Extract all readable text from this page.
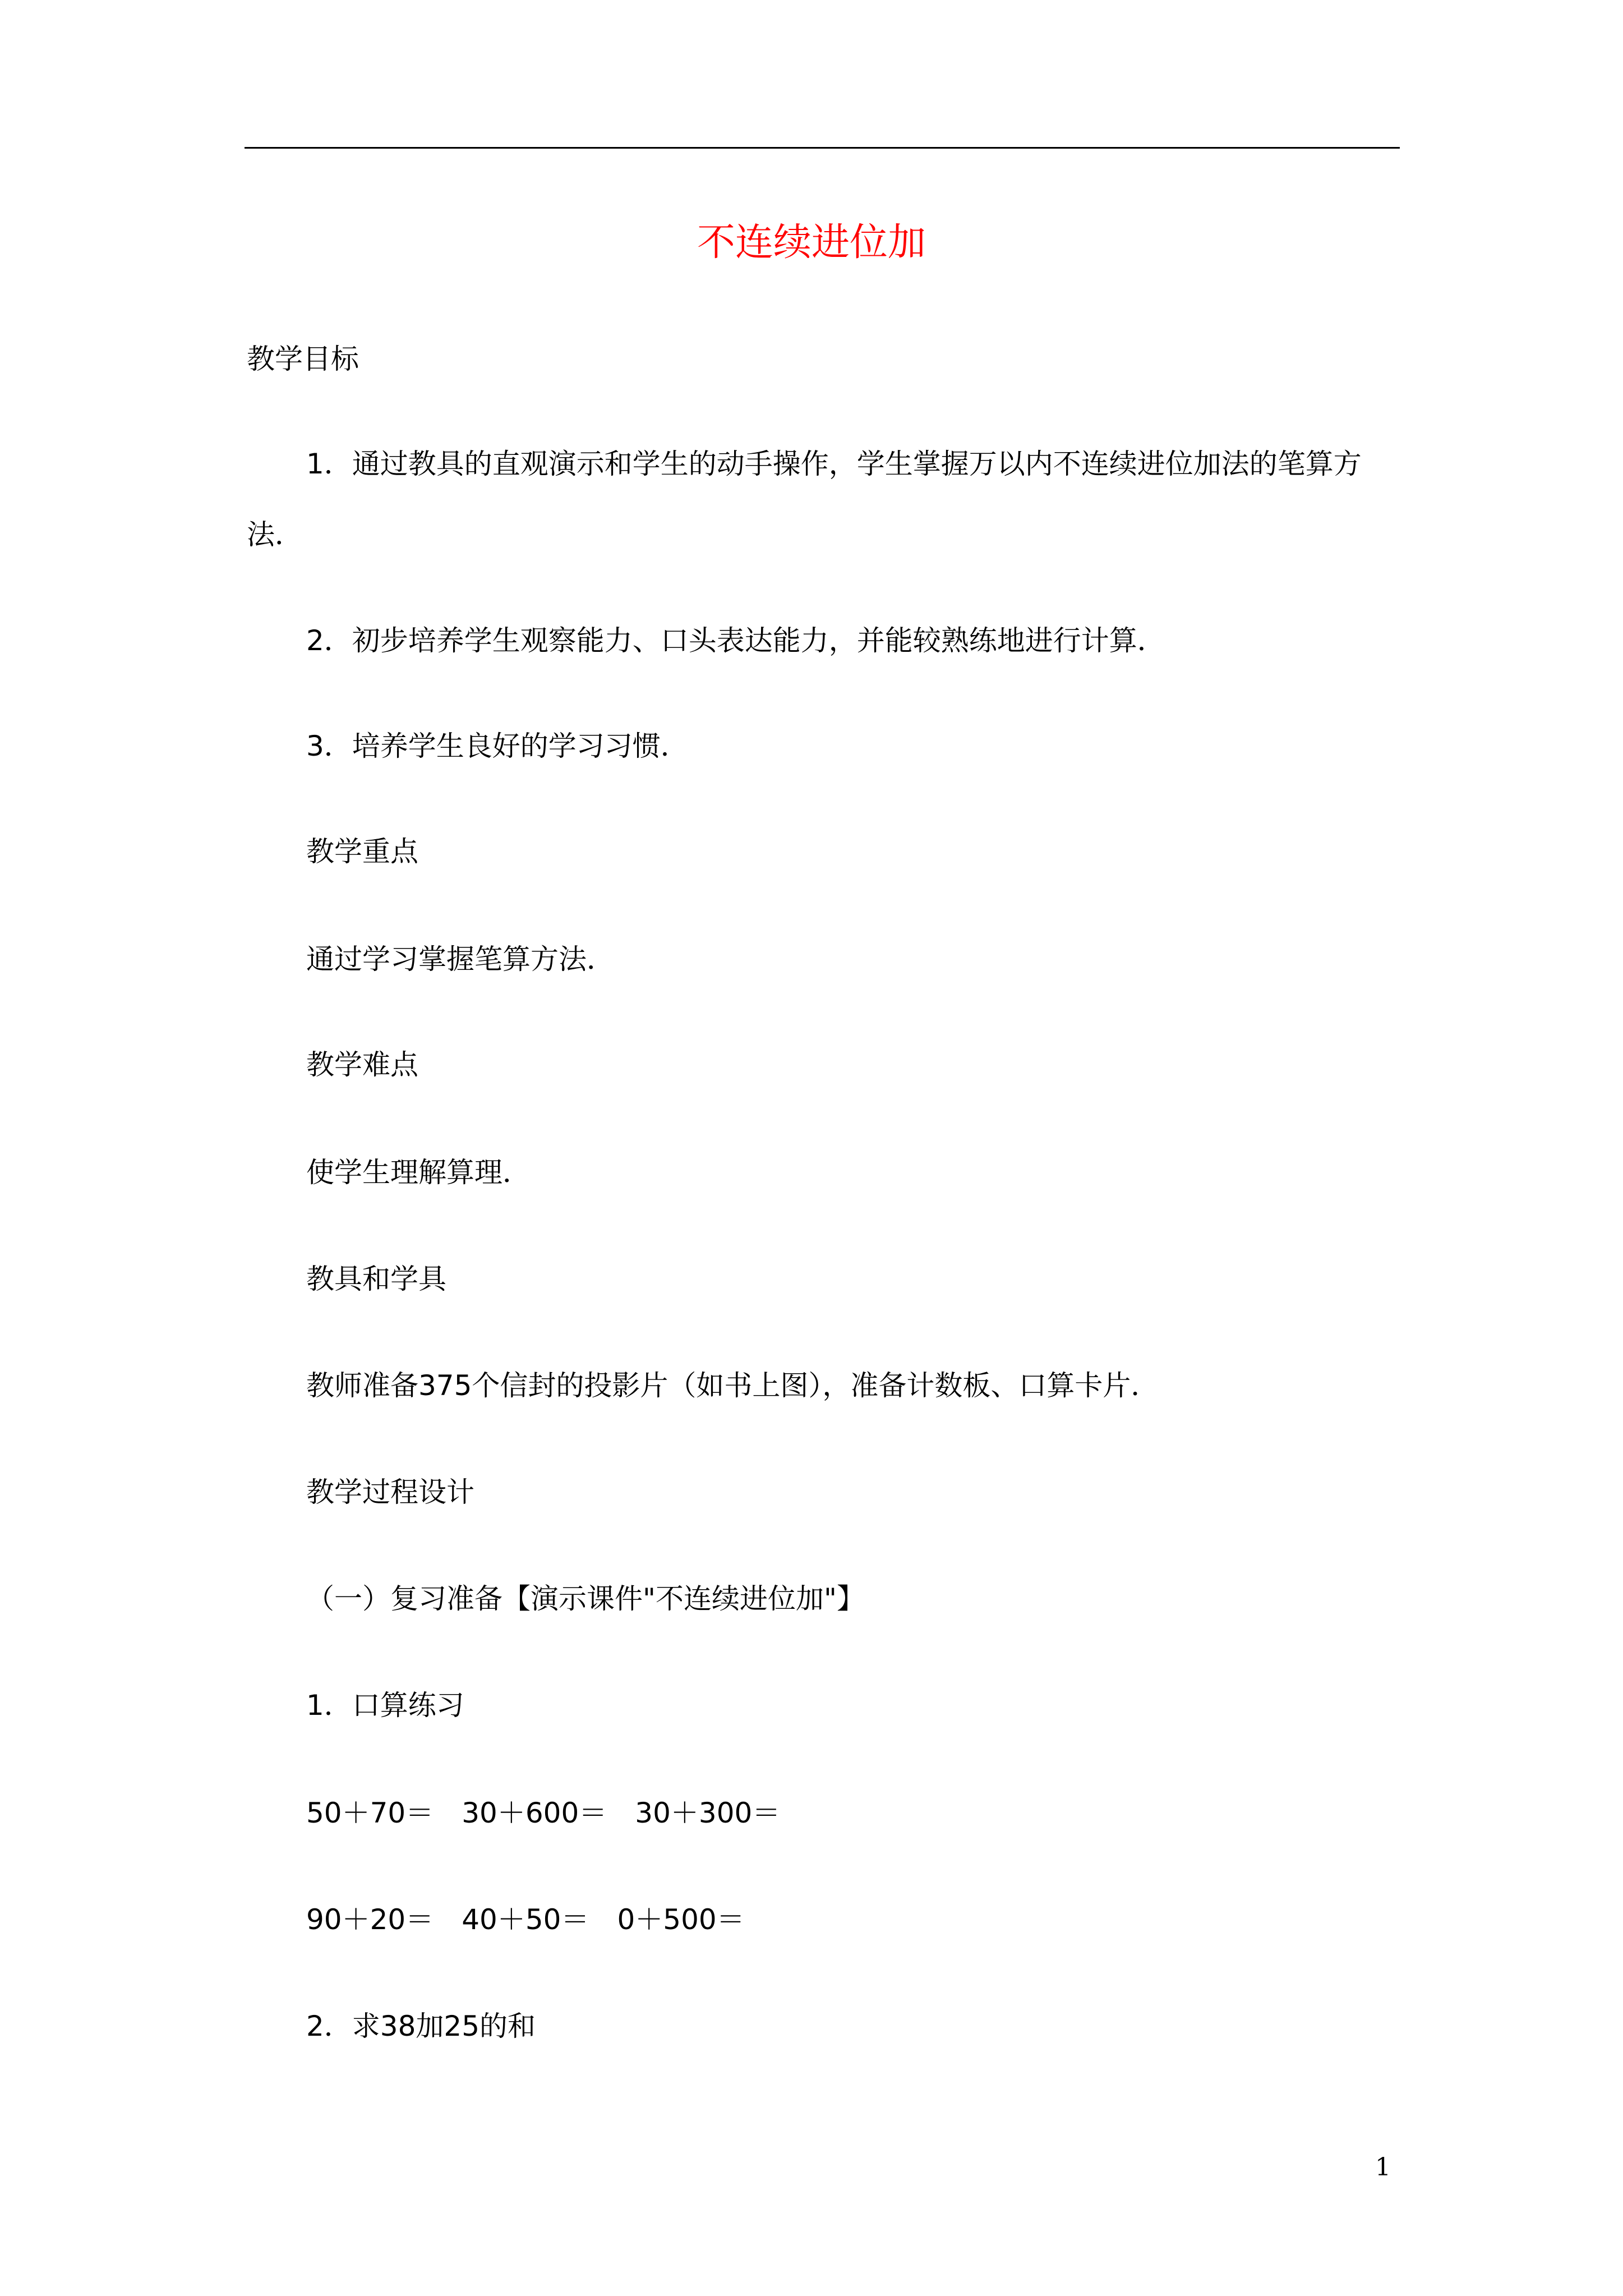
不连续进位加
教学目标
1．通过教具的直观演示和学生的动手操作，学生掌握万以内不连续进位加法的笔算方法．
2．初步培养学生观察能力、口头表达能力，并能较熟练地进行计算．
3．培养学生良好的学习习惯．
教学重点
通过学习掌握笔算方法．
教学难点
使学生理解算理．
教具和学具
教师准备375个信封的投影片（如书上图），准备计数板、口算卡片．
教学过程设计
（一）复习准备【演示课件"不连续进位加"】
1．口算练习
50＋70＝　30＋600＝　30＋300＝
90＋20＝　40＋50＝　0＋500＝
2．求38加25的和
1
